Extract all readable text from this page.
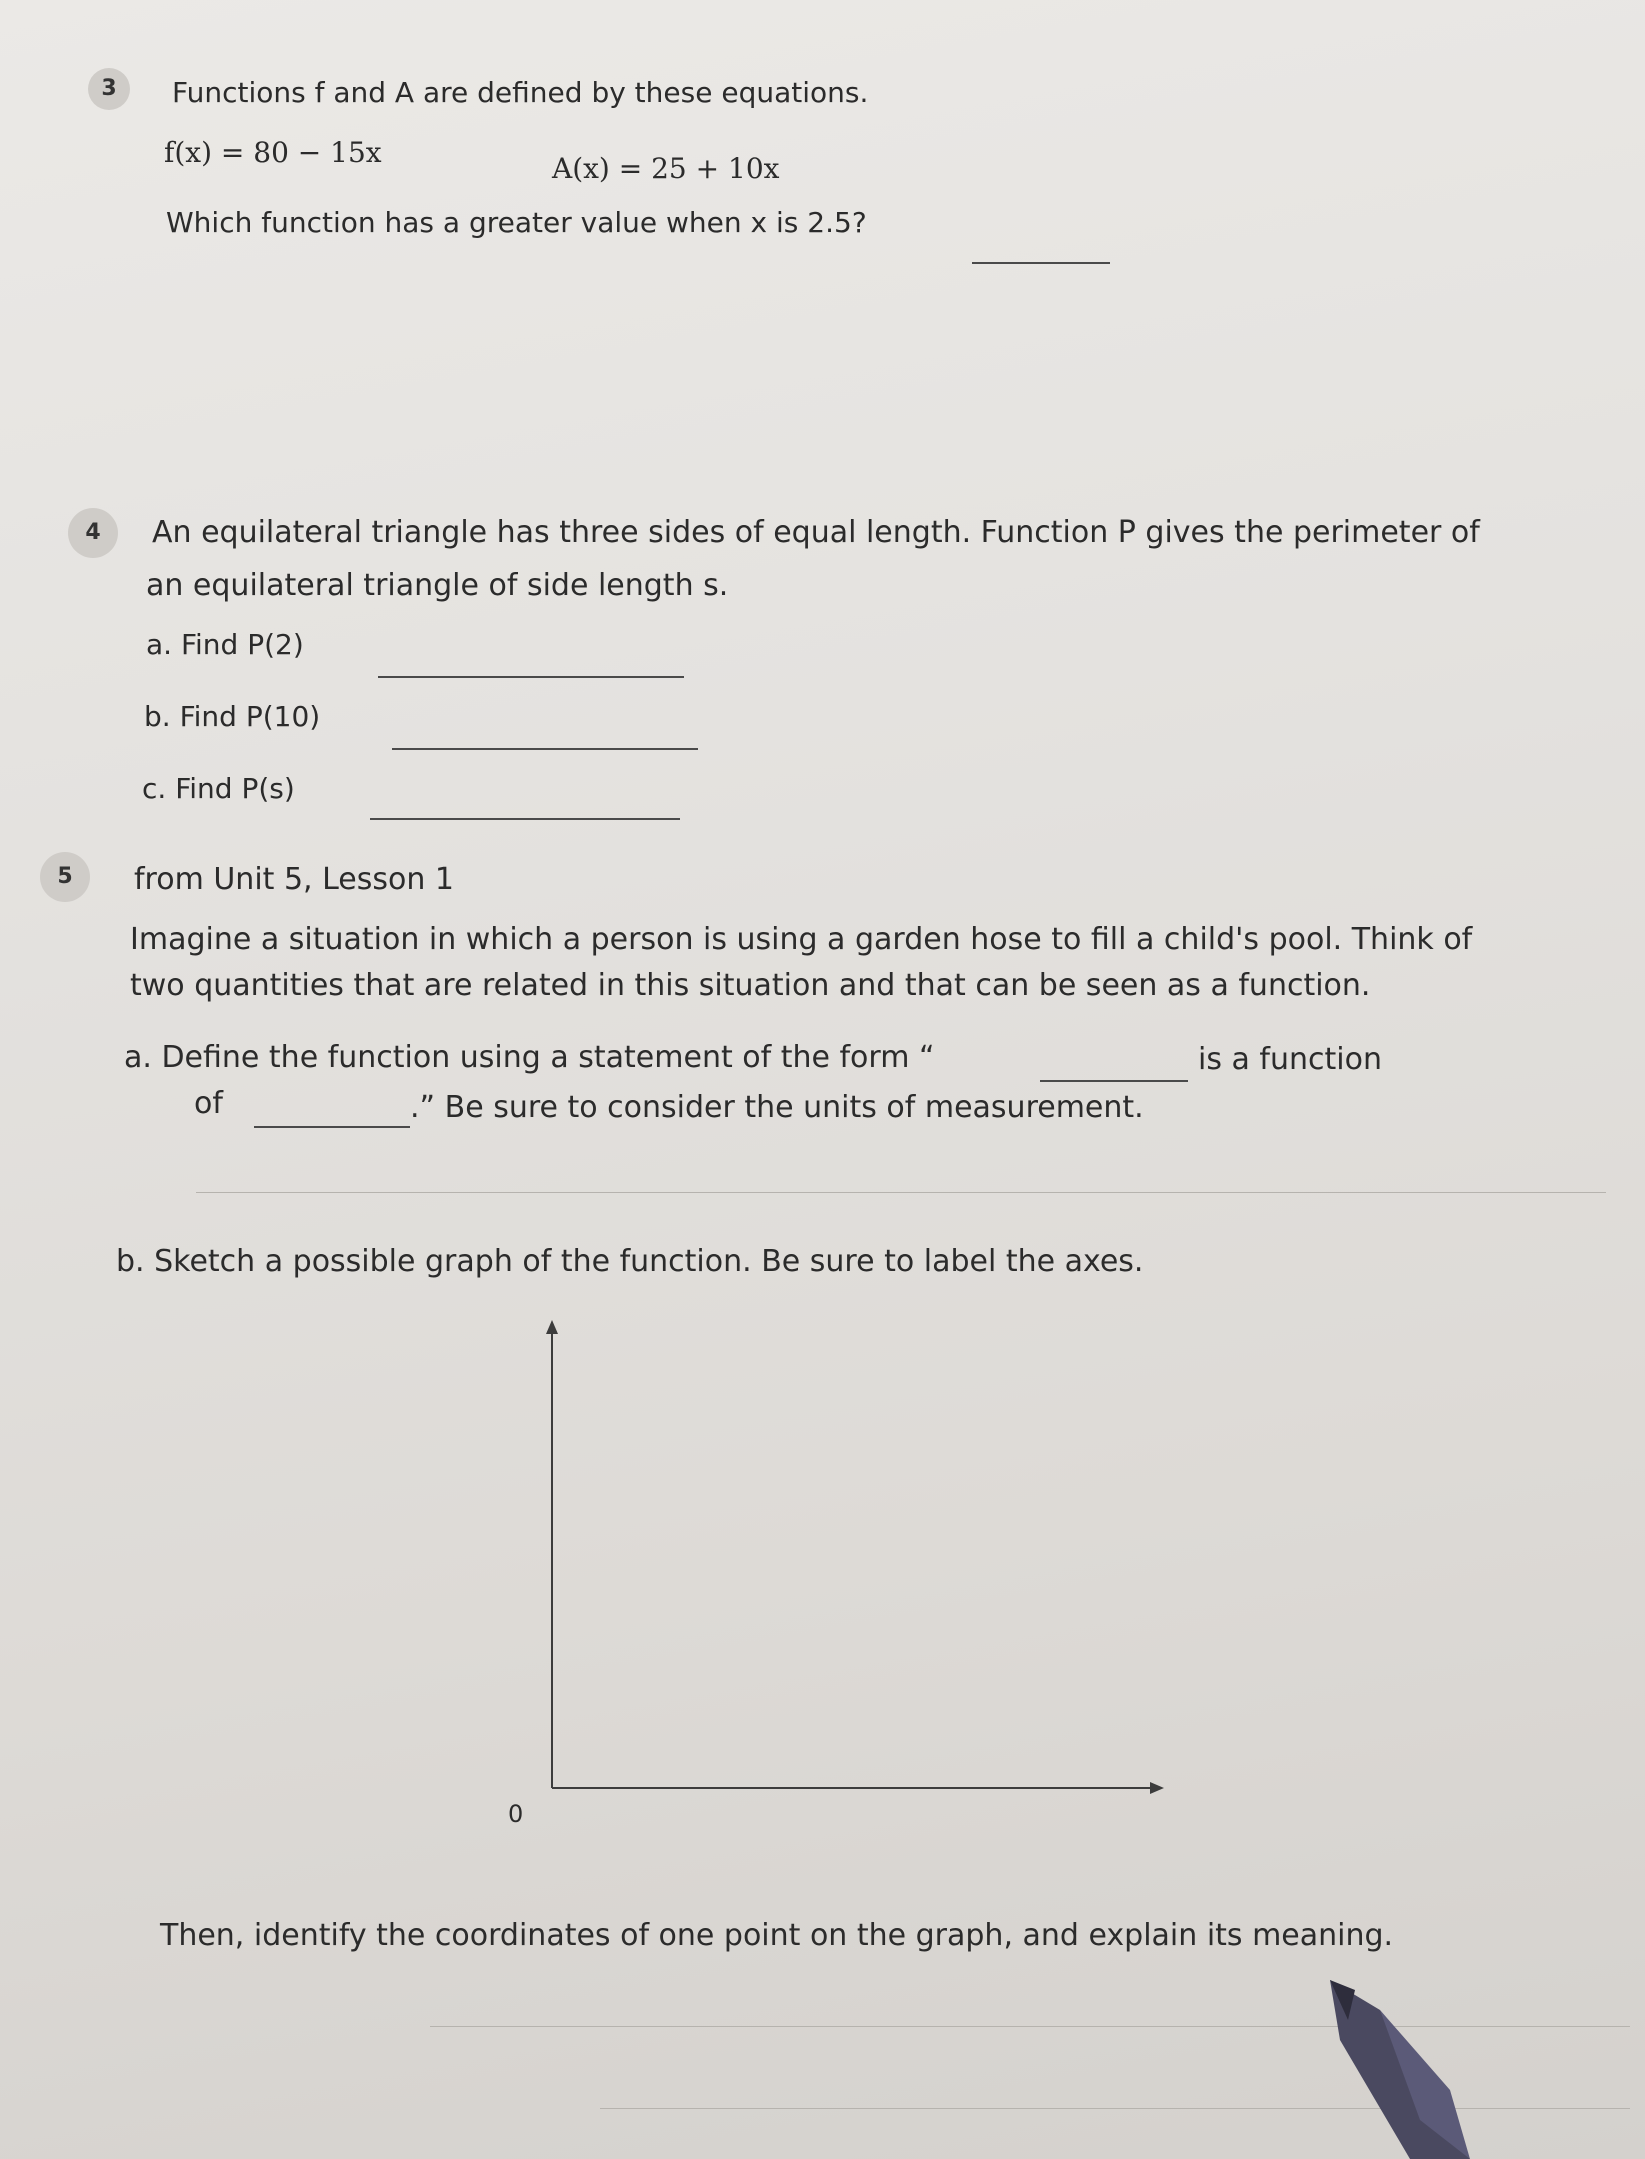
3	Functions f and A are defined by these equations.
f(x) = 80 − 15x	A(x) = 25 + 10x
Which function has a greater value when x is 2.5?
4	An equilateral triangle has three sides of equal length. Function P gives the perimeter of
an equilateral triangle of side length s.
a. Find P(2)
b. Find P(10)
c. Find P(s)
5	from Unit 5, Lesson 1
Imagine a situation in which a person is using a garden hose to fill a child's pool. Think of
two quantities that are related in this situation and that can be seen as a function.
a. Define the function using a statement of the form “	is a function
of	.” Be sure to consider the units of measurement.
b. Sketch a possible graph of the function. Be sure to label the axes.
0
Then, identify the coordinates of one point on the graph, and explain its meaning.
